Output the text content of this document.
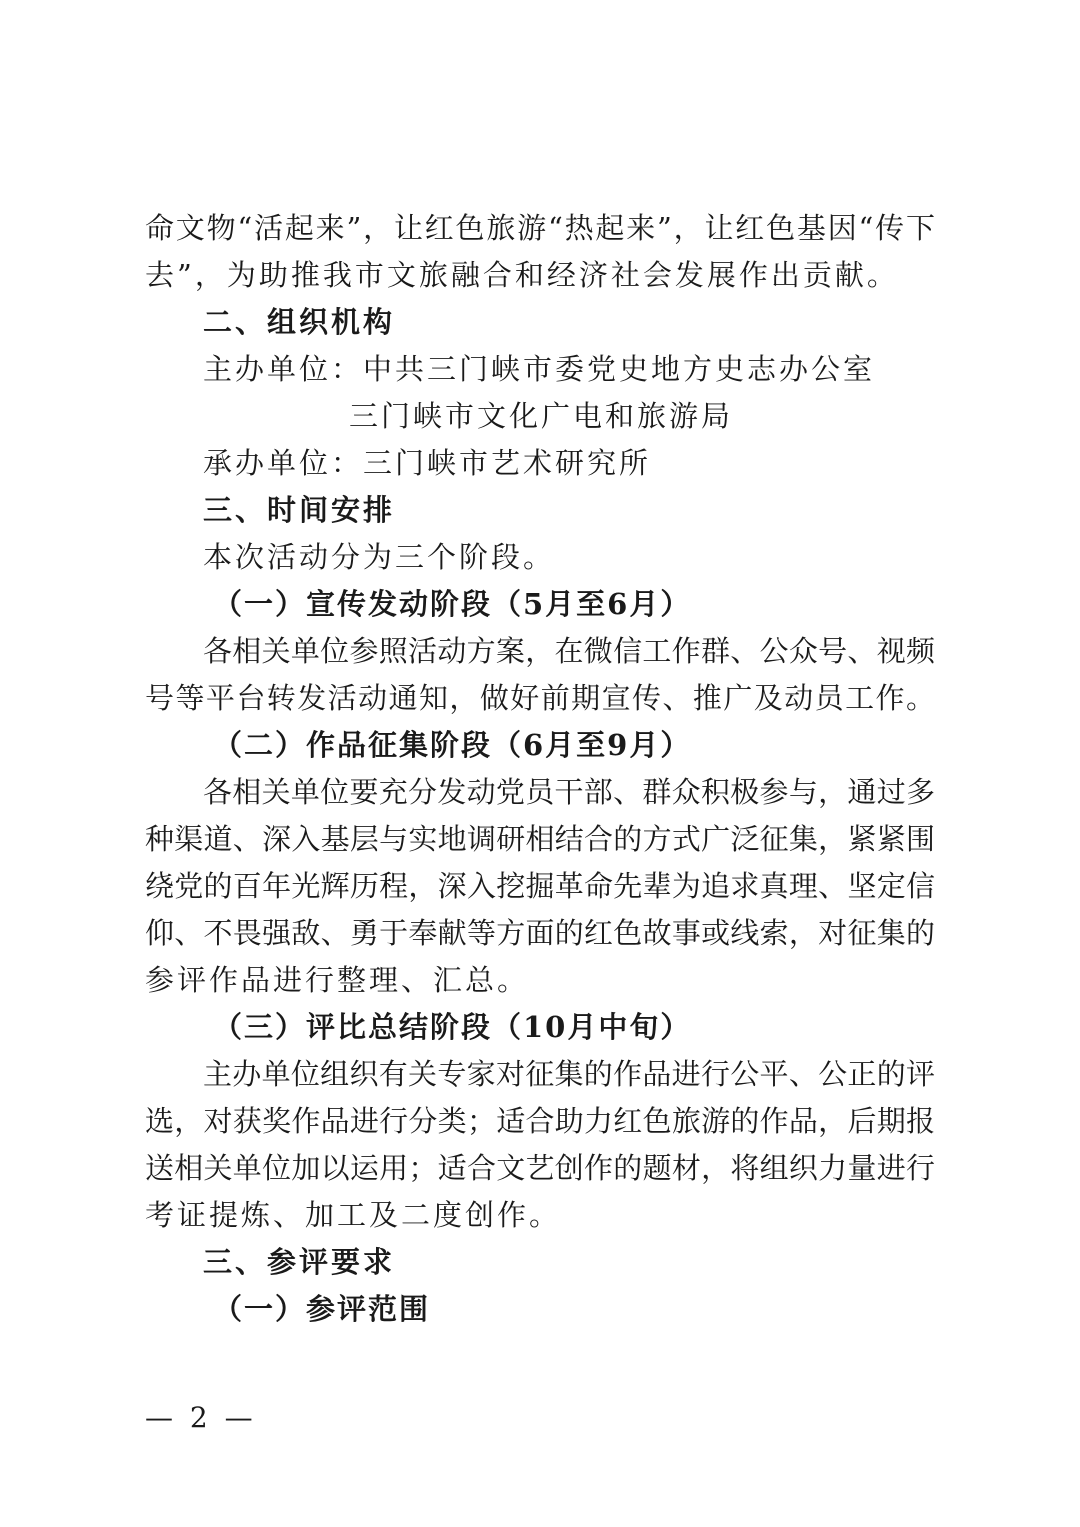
命文物“活起来”，让红色旅游“热起来”，让红色基因“传下
去”，为助推我市文旅融合和经济社会发展作出贡献。
二、组织机构
主办单位：中共三门峡市委党史地方史志办公室
三门峡市文化广电和旅游局
承办单位：三门峡市艺术研究所
三、时间安排
本次活动分为三个阶段。
（一）宣传发动阶段（5月至6月）
各相关单位参照活动方案，在微信工作群、公众号、视频
号等平台转发活动通知，做好前期宣传、推广及动员工作。
（二）作品征集阶段（6月至9月）
各相关单位要充分发动党员干部、群众积极参与，通过多
种渠道、深入基层与实地调研相结合的方式广泛征集，紧紧围
绕党的百年光辉历程，深入挖掘革命先辈为追求真理、坚定信
仰、不畏强敌、勇于奉献等方面的红色故事或线索，对征集的
参评作品进行整理、汇总。
（三）评比总结阶段（10月中旬）
主办单位组织有关专家对征集的作品进行公平、公正的评
选，对获奖作品进行分类；适合助力红色旅游的作品，后期报
送相关单位加以运用；适合文艺创作的题材，将组织力量进行
考证提炼、加工及二度创作。
三、参评要求
（一）参评范围
— 2 —
